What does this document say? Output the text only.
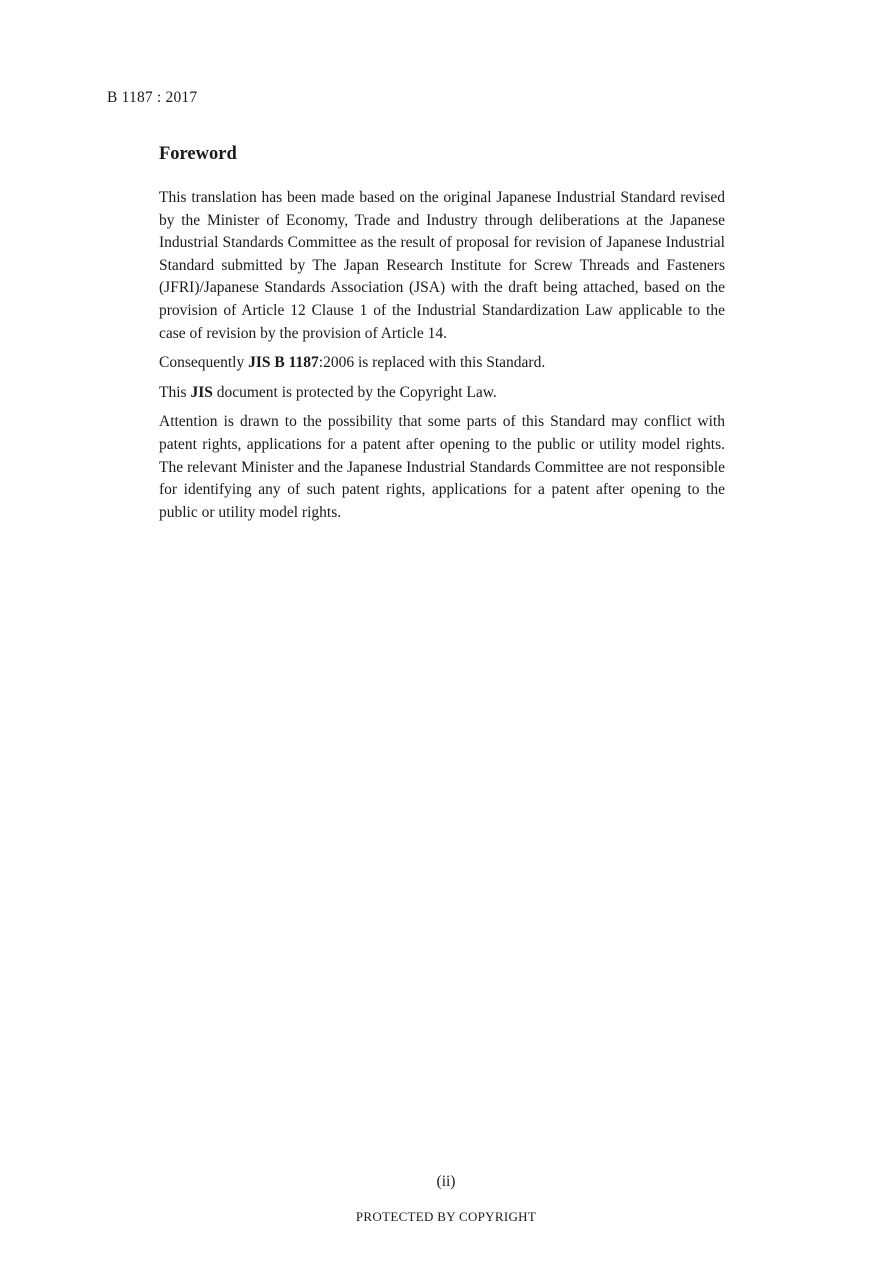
B 1187 : 2017

Foreword

This translation has been made based on the original Japanese Industrial Standard revised by the Minister of Economy, Trade and Industry through deliberations at the Japanese Industrial Standards Committee as the result of proposal for revision of Japanese Industrial Standard submitted by The Japan Research Institute for Screw Threads and Fasteners (JFRI)/Japanese Standards Association (JSA) with the draft being attached, based on the provision of Article 12 Clause 1 of the Industrial Standardization Law applicable to the case of revision by the provision of Article 14.

Consequently JIS B 1187:2006 is replaced with this Standard.

This JIS document is protected by the Copyright Law.

Attention is drawn to the possibility that some parts of this Standard may conflict with patent rights, applications for a patent after opening to the public or utility model rights. The relevant Minister and the Japanese Industrial Standards Committee are not responsible for identifying any of such patent rights, applications for a patent after opening to the public or utility model rights.

(ii)

PROTECTED BY COPYRIGHT
